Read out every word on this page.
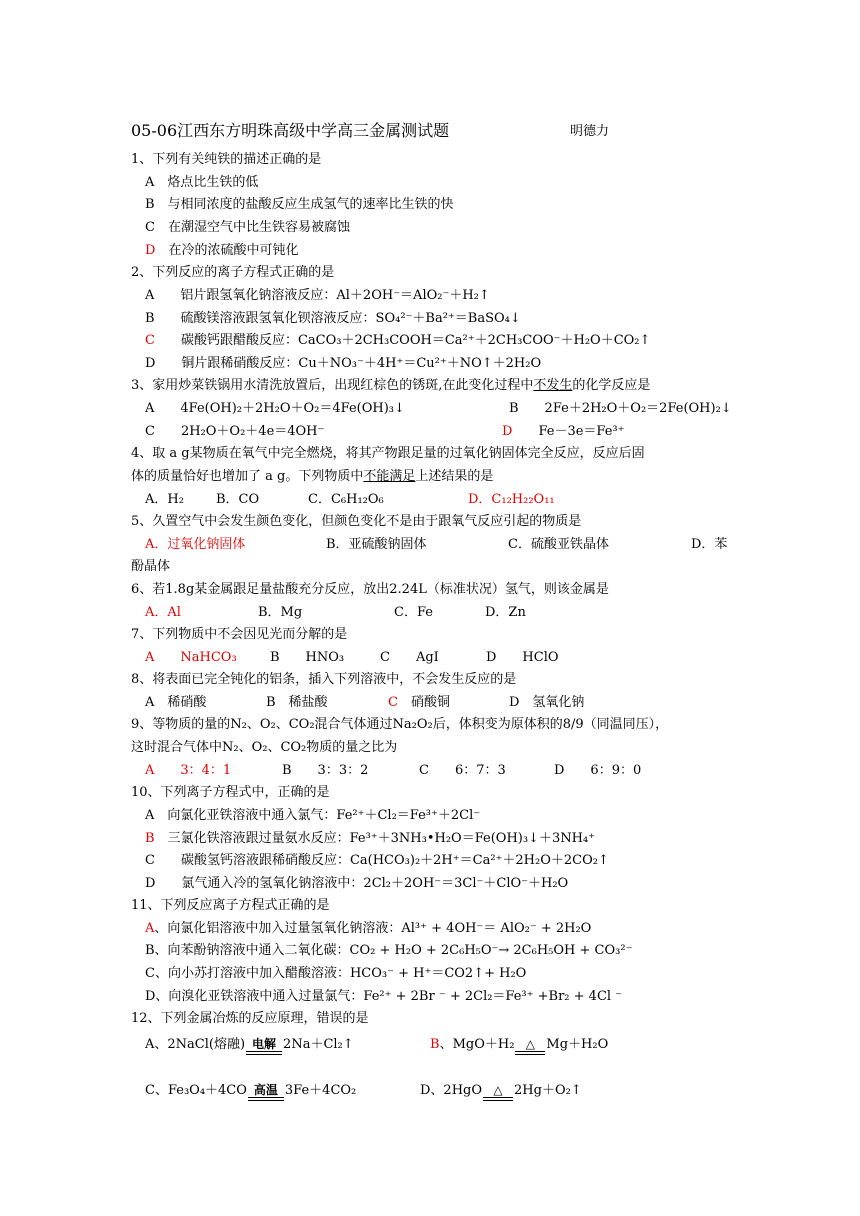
05-06江西东方明珠高级中学高三金属测试题	明德力
1、下列有关纯铁的描述正确的是
A　烙点比生铁的低
B　与相同浓度的盐酸反应生成氢气的速率比生铁的快
C　在潮湿空气中比生铁容易被腐蚀
D　在冷的浓硫酸中可钝化
2、下列反应的离子方程式正确的是
A　　铝片跟氢氧化钠溶液反应：Al＋2OH⁻＝AlO₂⁻＋H₂↑
B　　硫酸镁溶液跟氢氧化钡溶液反应：SO₄²⁻＋Ba²⁺＝BaSO₄↓
C　　碳酸钙跟醋酸反应：CaCO₃＋2CH₃COOH＝Ca²⁺＋2CH₃COO⁻＋H₂O＋CO₂↑
D　　铜片跟稀硝酸反应：Cu＋NO₃⁻＋4H⁺＝Cu²⁺＋NO↑＋2H₂O
3、家用炒菜铁锅用水清洗放置后，出现红棕色的锈斑,在此变化过程中不发生的化学反应是
A　　4Fe(OH)₂＋2H₂O＋O₂＝4Fe(OH)₃↓	B　　2Fe＋2H₂O＋O₂＝2Fe(OH)₂↓
C　　2H₂O＋O₂＋4e＝4OH⁻	D　　Fe－3e＝Fe³⁺
4、取 a g某物质在氧气中完全燃烧，将其产物跟足量的过氧化钠固体完全反应，反应后固
体的质量恰好也增加了 a g。下列物质中不能满足上述结果的是
A．H₂ B．CO	C．C₆H₁₂O₆	D．C₁₂H₂₂O₁₁
5、久置空气中会发生颜色变化，但颜色变化不是由于跟氧气反应引起的物质是
A．过氧化钠固体	B．亚硫酸钠固体	C．硫酸亚铁晶体	D．苯
酚晶体
6、若1.8g某金属跟足量盐酸充分反应，放出2.24L（标准状况）氢气，则该金属是
A．Al	B．Mg	C．Fe	D．Zn
7、下列物质中不会因见光而分解的是
A　　NaHCO₃	B　　HNO₃	C　　AgI	D　　HClO
8、将表面已完全钝化的铝条，插入下列溶液中，不会发生反应的是
A　稀硝酸	B　稀盐酸	C　硝酸铜	D　氢氧化钠
9、等物质的量的N₂、O₂、CO₂混合气体通过Na₂O₂后，体积变为原体积的8/9（同温同压），
这时混合气体中N₂、O₂、CO₂物质的量之比为
A　　3：4：1	B　　3：3：2	C　　6：7：3	D　　6：9：0
10、下列离子方程式中，正确的是
A　向氯化亚铁溶液中通入氯气：Fe²⁺＋Cl₂＝Fe³⁺＋2Cl⁻
B　三氯化铁溶液跟过量氨水反应：Fe³⁺＋3NH₃•H₂O＝Fe(OH)₃↓＋3NH₄⁺
C　　碳酸氢钙溶液跟稀硝酸反应：Ca(HCO₃)₂＋2H⁺＝Ca²⁺＋2H₂O＋2CO₂↑
D　　氯气通入冷的氢氧化钠溶液中：2Cl₂＋2OH⁻＝3Cl⁻＋ClO⁻＋H₂O
11、下列反应离子方程式正确的是
A、向氯化铝溶液中加入过量氢氧化钠溶液：Al³⁺ + 4OH⁻＝ AlO₂⁻ + 2H₂O
B、向苯酚钠溶液中通入二氧化碳：CO₂ + H₂O + 2C₆H₅O⁻→ 2C₆H₅OH + CO₃²⁻
C、向小苏打溶液中加入醋酸溶液：HCO₃⁻ + H⁺＝CO2↑+ H₂O
D、向溴化亚铁溶液中通入过量氯气：Fe²⁺ + 2Br ⁻ + 2Cl₂＝Fe³⁺ +Br₂ + 4Cl ⁻
12、下列金属冶炼的反应原理，错误的是
A、2NaCl(熔融) 电解 2Na＋Cl₂↑	B、MgO＋H₂ △ Mg＋H₂O
C、Fe₃O₄＋4CO 高温 3Fe＋4CO₂	D、2HgO △ 2Hg＋O₂↑
